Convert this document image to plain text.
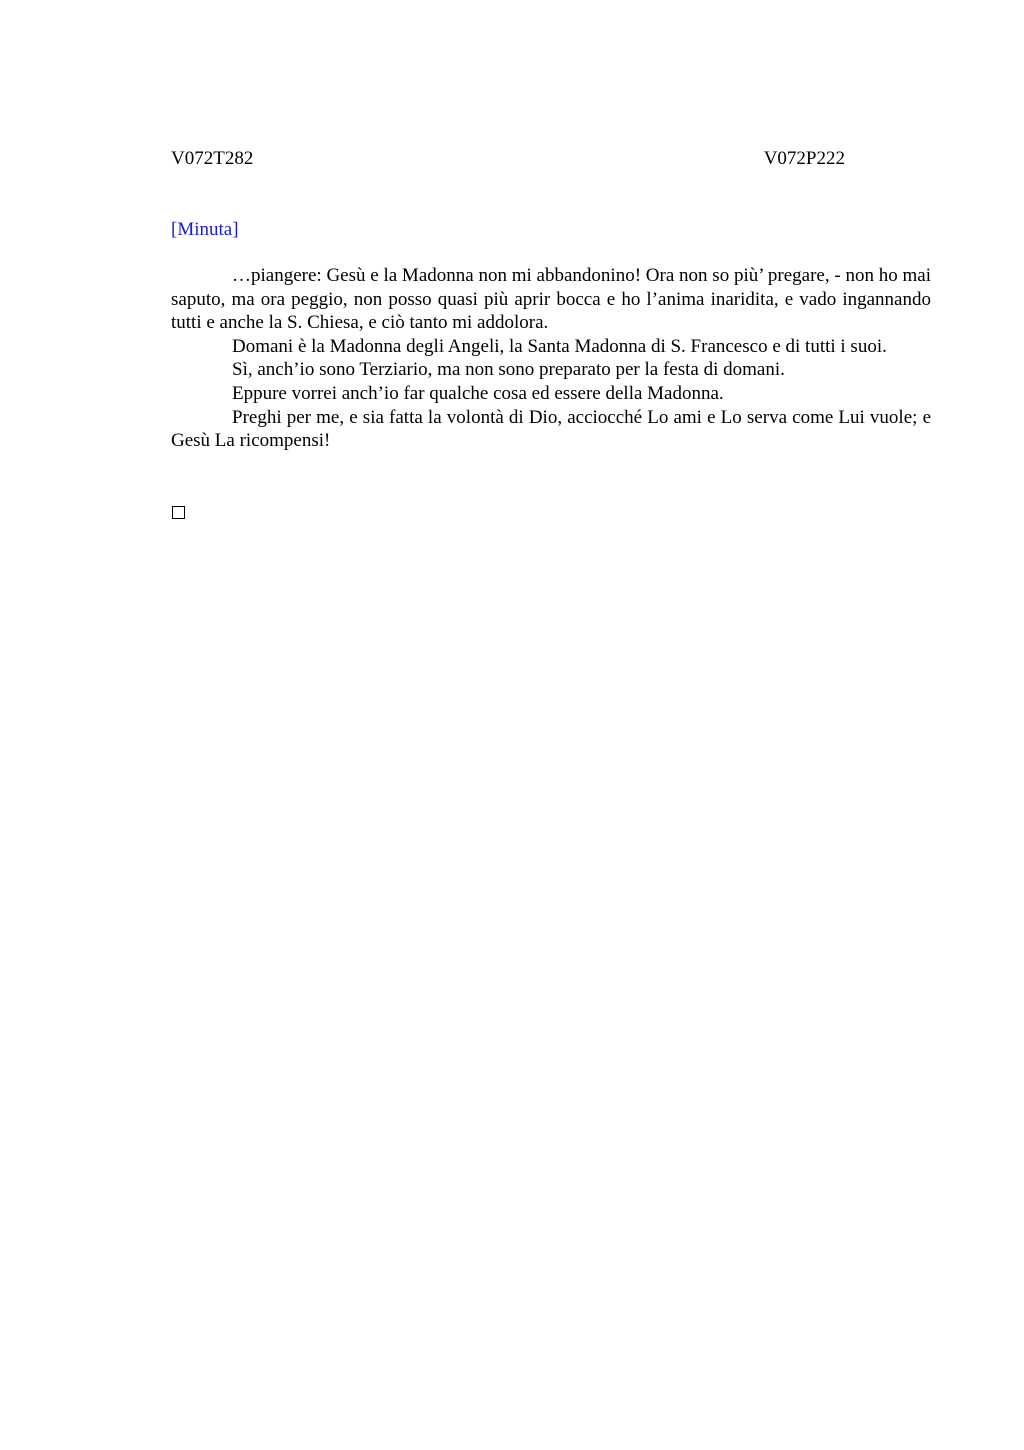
V072T282	V072P222
[Minuta]

…piangere: Gesù e la Madonna non mi abbandonino! Ora non so più’ pregare, - non ho mai saputo, ma ora peggio, non posso quasi più aprir bocca e ho l’anima inaridita, e vado ingannando tutti e anche la S. Chiesa, e ciò tanto mi addolora.

Domani è la Madonna degli Angeli, la Santa Madonna di S. Francesco e di tutti i suoi.

Sì, anch’io sono Terziario, ma non sono preparato per la festa di domani.

Eppure vorrei anch’io far qualche cosa ed essere della Madonna.

Preghi per me, e sia fatta la volontà di Dio, acciocché Lo ami e Lo serva come Lui vuole; e Gesù La ricompensi!
